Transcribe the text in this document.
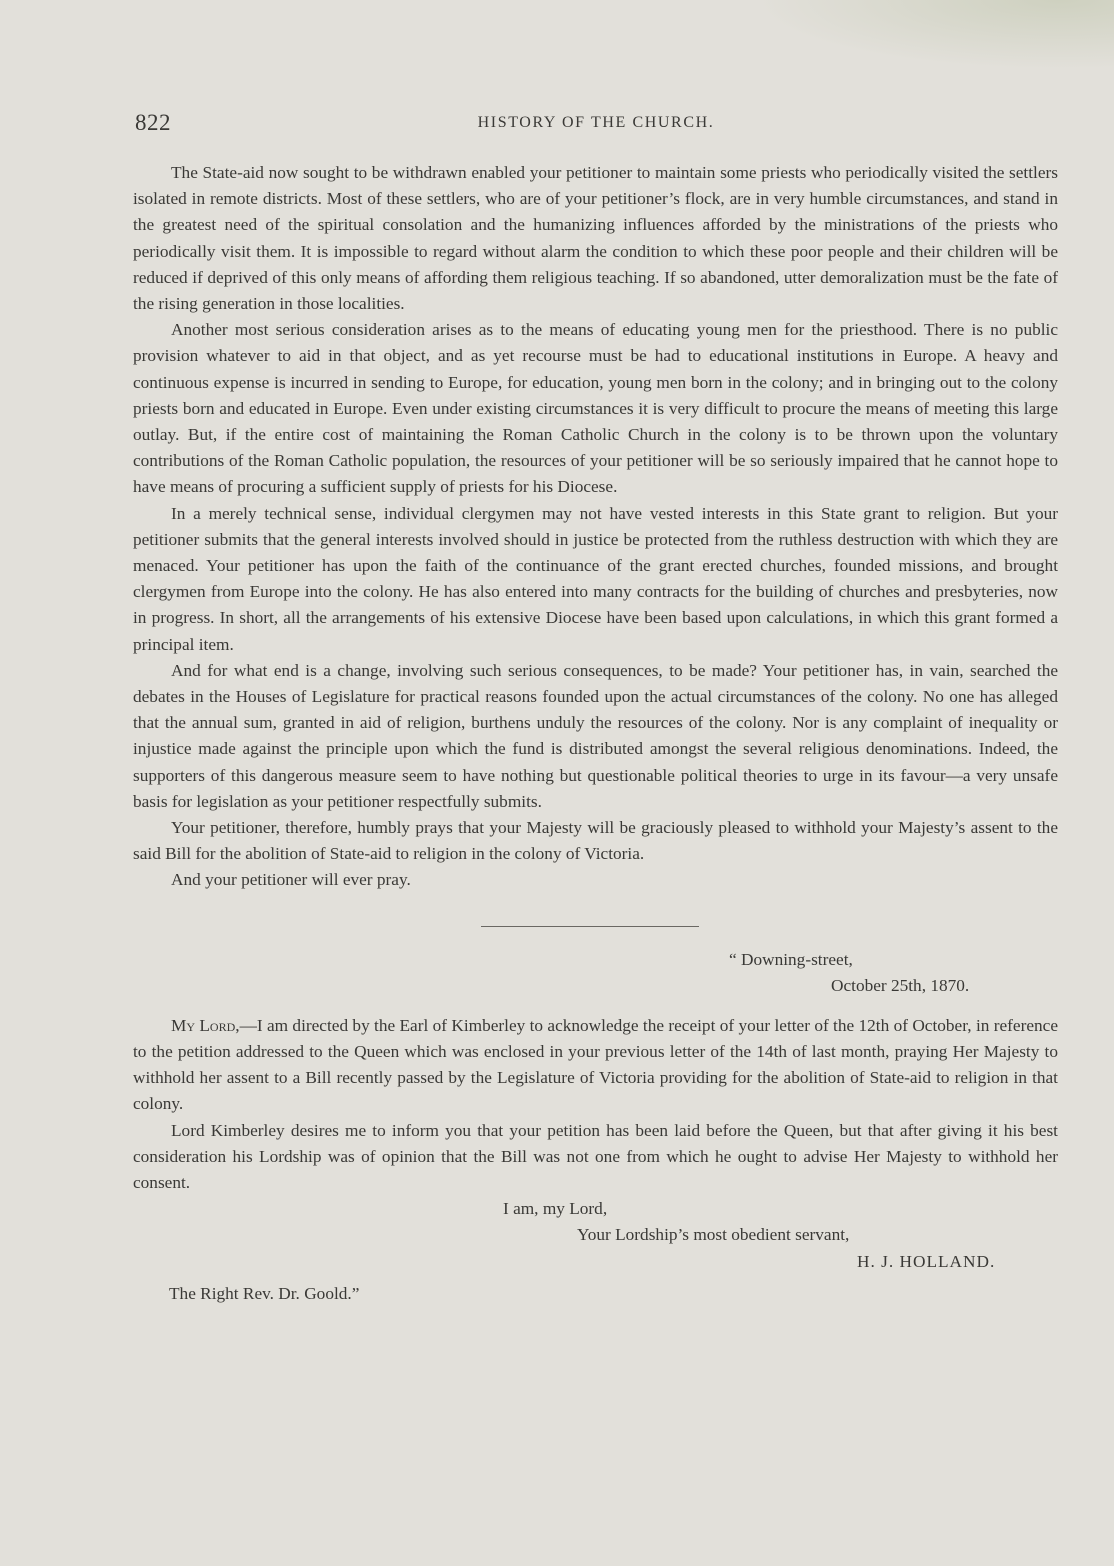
822	HISTORY OF THE CHURCH.

The State-aid now sought to be withdrawn enabled your petitioner to maintain some priests who periodically visited the settlers isolated in remote districts. Most of these settlers, who are of your petitioner’s flock, are in very humble circumstances, and stand in the greatest need of the spiritual consolation and the humanizing influences afforded by the ministrations of the priests who periodically visit them. It is impossible to regard without alarm the condition to which these poor people and their children will be reduced if deprived of this only means of affording them religious teaching. If so abandoned, utter demoralization must be the fate of the rising generation in those localities.

Another most serious consideration arises as to the means of educating young men for the priesthood. There is no public provision whatever to aid in that object, and as yet recourse must be had to educational institutions in Europe. A heavy and continuous expense is incurred in sending to Europe, for education, young men born in the colony; and in bringing out to the colony priests born and educated in Europe. Even under existing circumstances it is very difficult to procure the means of meeting this large outlay. But, if the entire cost of maintaining the Roman Catholic Church in the colony is to be thrown upon the voluntary contributions of the Roman Catholic population, the resources of your petitioner will be so seriously impaired that he cannot hope to have means of procuring a sufficient supply of priests for his Diocese.

In a merely technical sense, individual clergymen may not have vested interests in this State grant to religion. But your petitioner submits that the general interests involved should in justice be protected from the ruthless destruction with which they are menaced. Your petitioner has upon the faith of the continuance of the grant erected churches, founded missions, and brought clergymen from Europe into the colony. He has also entered into many contracts for the building of churches and presbyteries, now in progress. In short, all the arrangements of his extensive Diocese have been based upon calculations, in which this grant formed a principal item.

And for what end is a change, involving such serious consequences, to be made? Your petitioner has, in vain, searched the debates in the Houses of Legislature for practical reasons founded upon the actual circumstances of the colony. No one has alleged that the annual sum, granted in aid of religion, burthens unduly the resources of the colony. Nor is any complaint of inequality or injustice made against the principle upon which the fund is distributed amongst the several religious denominations. Indeed, the supporters of this dangerous measure seem to have nothing but questionable political theories to urge in its favour—a very unsafe basis for legislation as your petitioner respectfully submits.

Your petitioner, therefore, humbly prays that your Majesty will be graciously pleased to withhold your Majesty’s assent to the said Bill for the abolition of State-aid to religion in the colony of Victoria.

And your petitioner will ever pray.

“ Downing-street,
October 25th, 1870.

My Lord,—I am directed by the Earl of Kimberley to acknowledge the receipt of your letter of the 12th of October, in reference to the petition addressed to the Queen which was enclosed in your previous letter of the 14th of last month, praying Her Majesty to withhold her assent to a Bill recently passed by the Legislature of Victoria providing for the abolition of State-aid to religion in that colony.

Lord Kimberley desires me to inform you that your petition has been laid before the Queen, but that after giving it his best consideration his Lordship was of opinion that the Bill was not one from which he ought to advise Her Majesty to withhold her consent.

I am, my Lord,

Your Lordship’s most obedient servant,

H. J. HOLLAND.

The Right Rev. Dr. Goold.”
